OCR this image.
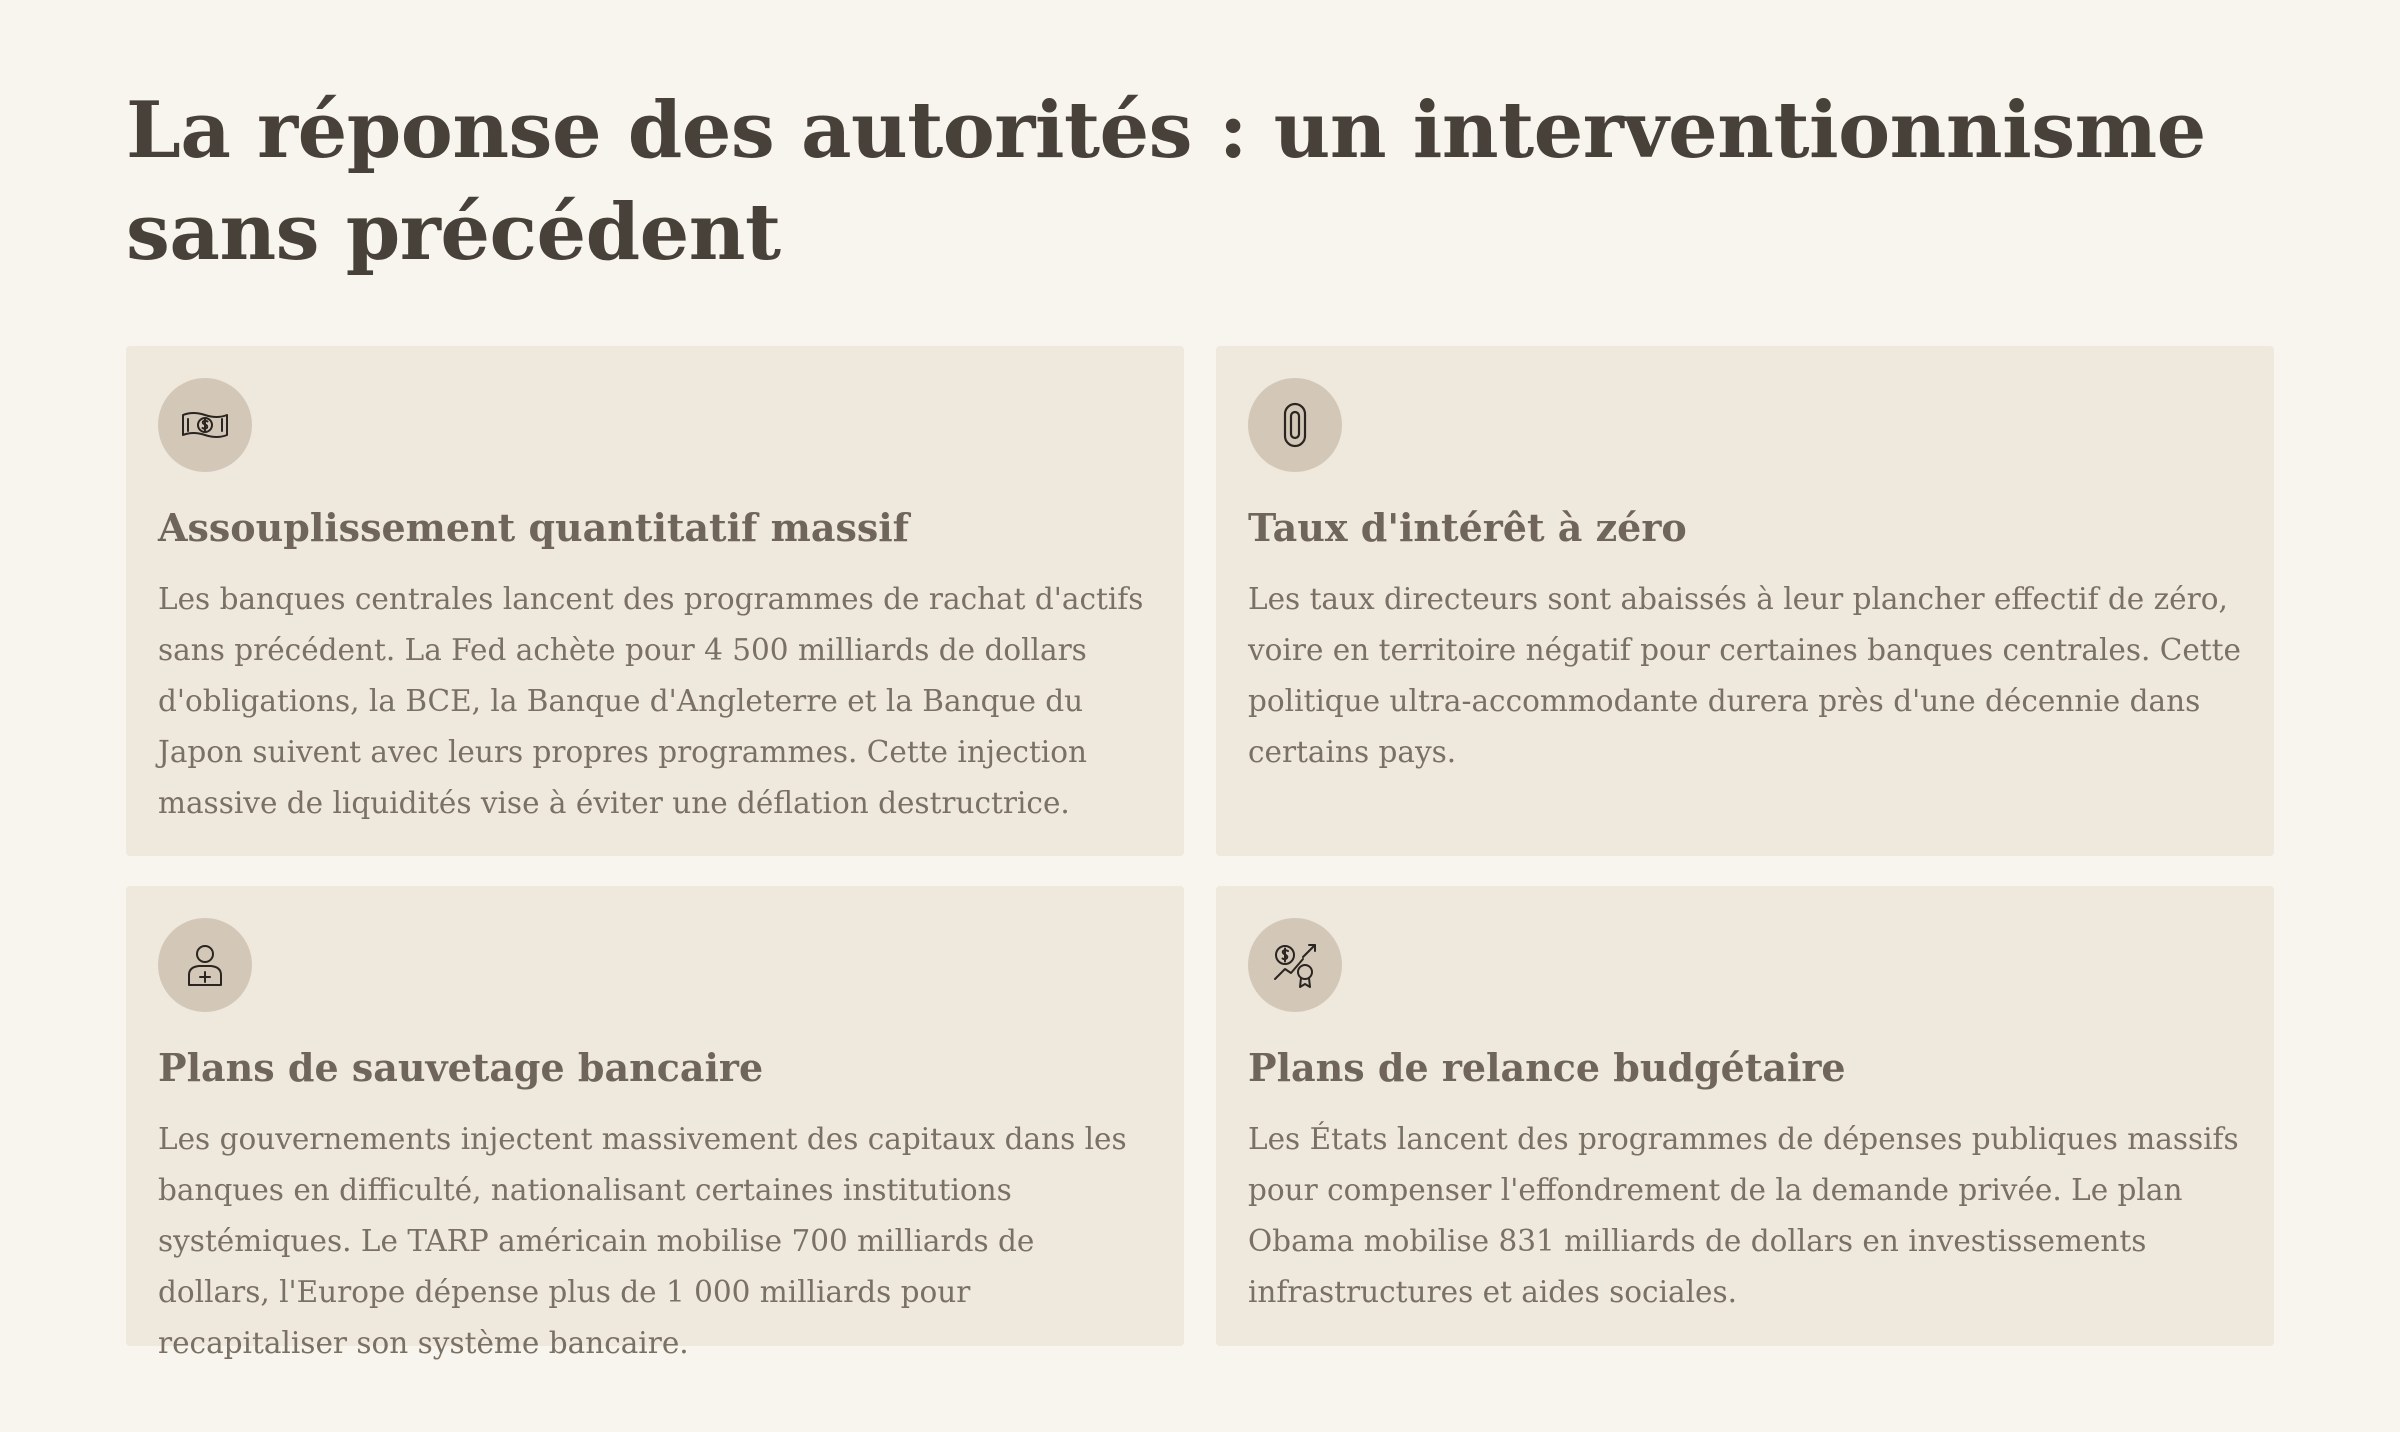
La réponse des autorités : un interventionnisme sans précédent
Assouplissement quantitatif massif

Les banques centrales lancent des programmes de rachat d'actifs sans précédent. La Fed achète pour 4 500 milliards de dollars d'obligations, la BCE, la Banque d'Angleterre et la Banque du Japon suivent avec leurs propres programmes. Cette injection massive de liquidités vise à éviter une déflation destructrice.

Taux d'intérêt à zéro

Les taux directeurs sont abaissés à leur plancher effectif de zéro, voire en territoire négatif pour certaines banques centrales. Cette politique ultra-accommodante durera près d'une décennie dans certains pays.

Plans de sauvetage bancaire

Les gouvernements injectent massivement des capitaux dans les banques en difficulté, nationalisant certaines institutions systémiques. Le TARP américain mobilise 700 milliards de dollars, l'Europe dépense plus de 1 000 milliards pour recapitaliser son système bancaire.

Plans de relance budgétaire

Les États lancent des programmes de dépenses publiques massifs pour compenser l'effondrement de la demande privée. Le plan Obama mobilise 831 milliards de dollars en investissements infrastructures et aides sociales.
